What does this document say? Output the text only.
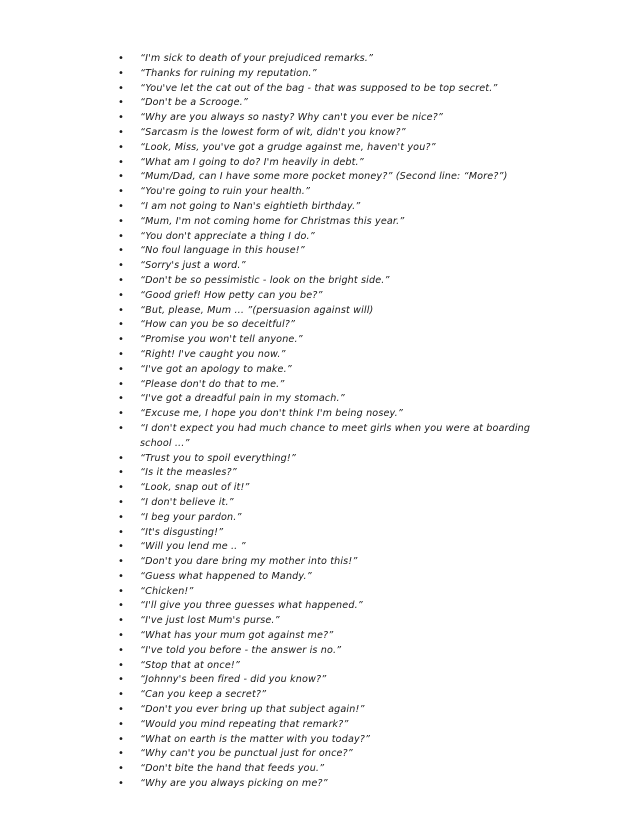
• “I'm sick to death of your prejudiced remarks.”
• “Thanks for ruining my reputation.”
• “You've let the cat out of the bag - that was supposed to be top secret.”
• “Don't be a Scrooge.”
• “Why are you always so nasty? Why can't you ever be nice?”
• “Sarcasm is the lowest form of wit, didn't you know?”
• “Look, Miss, you've got a grudge against me, haven't you?”
• “What am I going to do? I'm heavily in debt.”
• “Mum/Dad, can I have some more pocket money?” (Second line: “More?”)
• “You're going to ruin your health.”
• “I am not going to Nan's eightieth birthday.”
• “Mum, I'm not coming home for Christmas this year.”
• “You don't appreciate a thing I do.”
• “No foul language in this house!”
• “Sorry's just a word.”
• “Don't be so pessimistic - look on the bright side.”
• “Good grief! How petty can you be?”
• “But, please, Mum ... ”(persuasion against will)
• “How can you be so deceitful?”
• “Promise you won't tell anyone.”
• “Right! I've caught you now.”
• “I've got an apology to make.”
• “Please don't do that to me.”
• “I've got a dreadful pain in my stomach.”
• “Excuse me, I hope you don't think I'm being nosey.”
• “I don't expect you had much chance to meet girls when you were at boarding school ...”
• “Trust you to spoil everything!”
• “Is it the measles?”
• “Look, snap out of it!”
• “I don't believe it.”
• “I beg your pardon.”
• “It's disgusting!”
• “Will you lend me .. ”
• “Don't you dare bring my mother into this!”
• “Guess what happened to Mandy.”
• “Chicken!”
• “I'll give you three guesses what happened.”
• “I've just lost Mum's purse.”
• “What has your mum got against me?”
• “I've told you before - the answer is no.”
• “Stop that at once!”
• “Johnny's been fired - did you know?”
• “Can you keep a secret?”
• “Don't you ever bring up that subject again!”
• “Would you mind repeating that remark?”
• “What on earth is the matter with you today?”
• “Why can't you be punctual just for once?”
• “Don't bite the hand that feeds you.”
• “Why are you always picking on me?”
